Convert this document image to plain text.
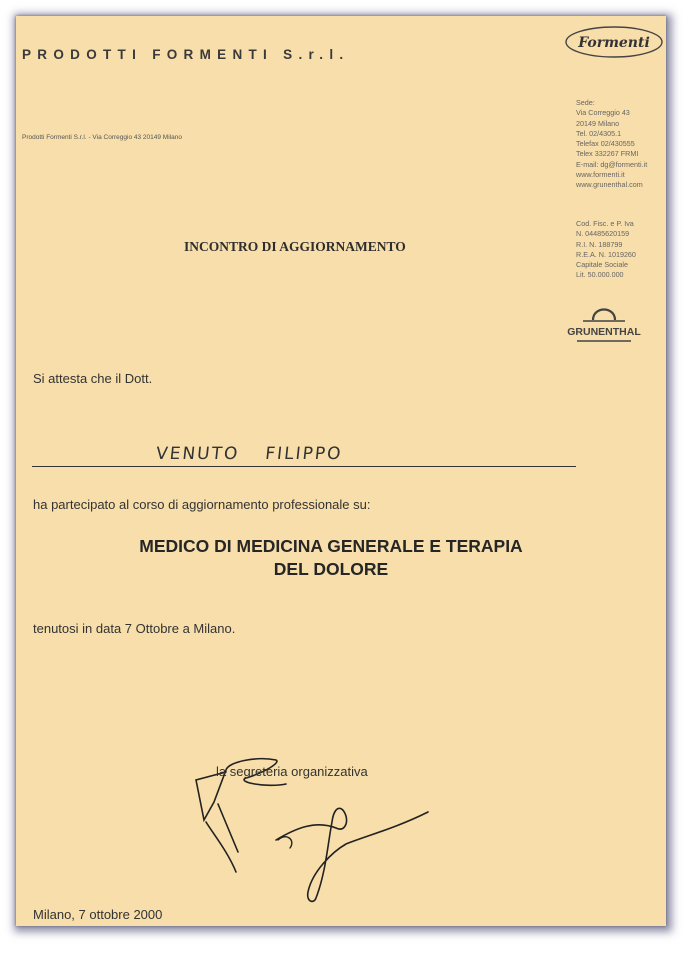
PRODOTTI FORMENTI S.r.l.
Formenti
Prodotti Formenti S.r.l. - Via Correggio 43 20149 Milano
Sede:
Via Correggio 43
20149 Milano
Tel. 02/4305.1
Telefax 02/430555
Telex 332267 FRMI
E-mail: dg@formenti.it
www.formenti.it
www.grunenthal.com
Cod. Fisc. e P. Iva
N. 04485620159
R.I. N. 188799
R.E.A. N. 1019260
Capitale Sociale
Lit. 50.000.000
GRUNENTHAL
INCONTRO DI AGGIORNAMENTO
Si attesta che il Dott.
VENUTO FILIPPO
ha partecipato al corso di aggiornamento professionale su:
MEDICO DI MEDICINA GENERALE E TERAPIA
DEL DOLORE
tenutosi in data 7 Ottobre a Milano.
la segreteria organizzativa
Milano, 7 ottobre 2000
